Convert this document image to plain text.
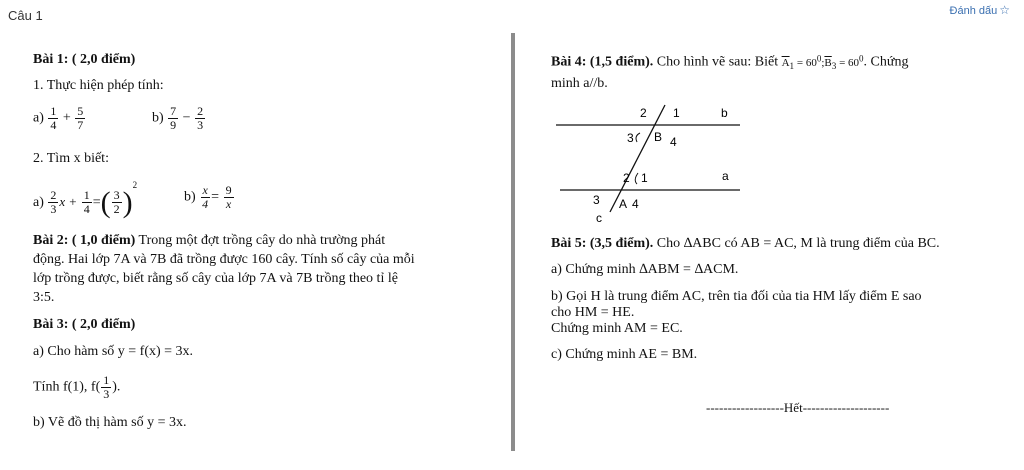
Câu 1	Đánh dấu ☆
Bài 1: ( 2,0 điểm)
1. Thực hiện phép tính:
$a) \frac{1}{4} + \frac{5}{7}$	$b) \frac{7}{9} - \frac{2}{3}$
2. Tìm x biết:
$a) \frac{2}{3}$ $x + \frac{1}{4}$ =( $\frac{3}{2} )^2$
$b) \frac{x}{4} = \frac{9}{x}$
Bài 2: ( 1,0 điểm) Trong một đợt trồng cây do nhà trường phát
động. Hai lớp 7A và 7B đã trồng được 160 cây. Tính số cây của mỗi
lớp trồng được, biết rằng số cây của lớp 7A và 7B trồng theo tỉ lệ
3:5.
Bài 3: ( 2,0 điểm)
a) Cho hàm số y = f(x) = 3x.
Tính f(1), $f( \frac{1}{3}$ ).
b) Vẽ đồ thị hàm số y = 3x.
Bài 4: (1,5 điểm). Cho hình vẽ sau: Biết $\overline{A}_1$ = $60^0;\overline{B}_3 = 60^0$. Chứng
minh a//b.
2 1	b
3 B 4
2 1	a
3 A 4
c
Bài 5: (3,5 điểm). Cho ∆ABC có AB = AC, M là trung điểm của BC.
a) Chứng minh ∆ABM = ∆ACM.
b) Gọi H là trung điểm AC, trên tia đối của tia HM lấy điểm E sao
cho HM = HE.
Chứng minh AM = EC.
c) Chứng minh AE = BM.
------------------Hết--------------------
